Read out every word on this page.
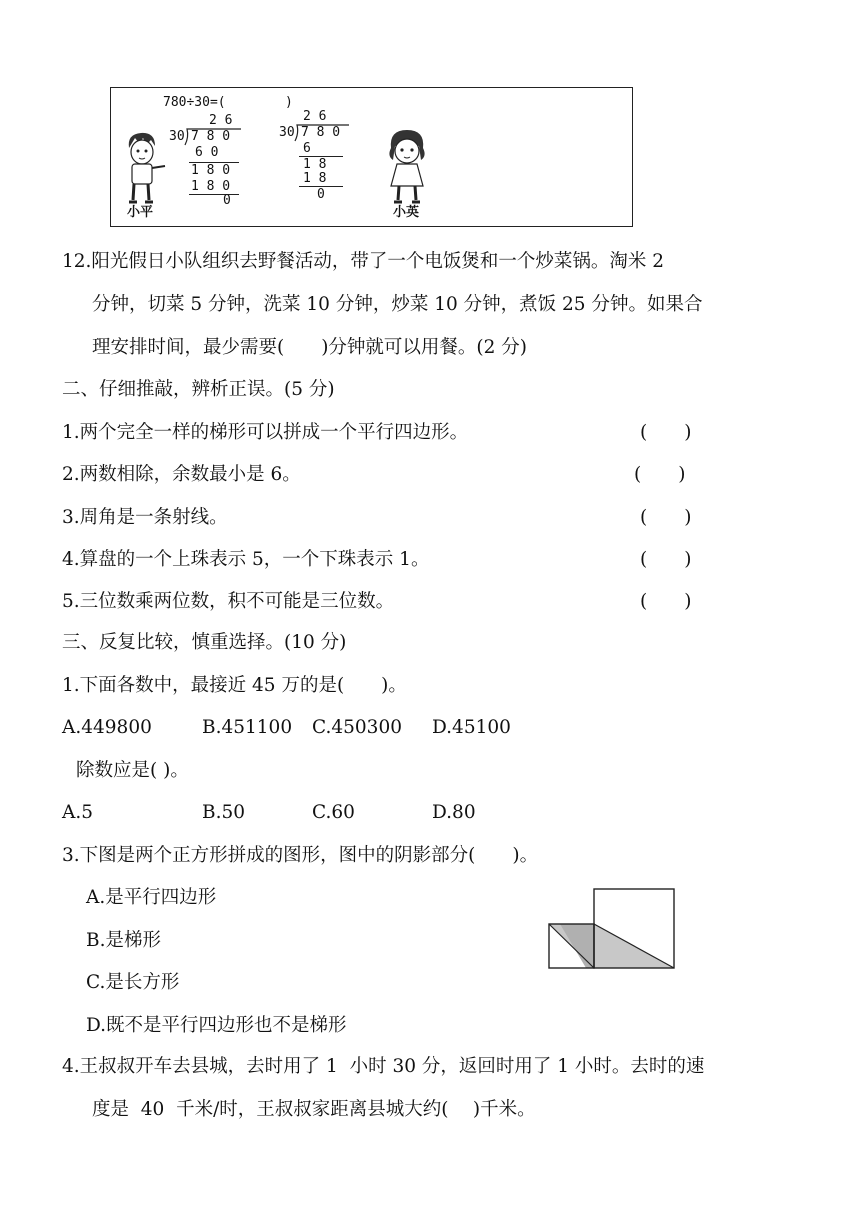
780÷30=(	)
2 6
30 7 8 0
6 0
1 8 0
1 8 0
0
2 6
30 7 8 0
6
1 8
1 8
0
小平	小英
12.阳光假日小队组织去野餐活动，带了一个电饭煲和一个炒菜锅。淘米 2
分钟，切菜 5 分钟，洗菜 10 分钟，炒菜 10 分钟，煮饭 25 分钟。如果合
理安排时间，最少需要(　　)分钟就可以用餐。(2 分)
二、仔细推敲，辨析正误。(5 分)
1.两个完全一样的梯形可以拼成一个平行四边形。	(　　)
2.两数相除，余数最小是 6。	(　　)
3.周角是一条射线。	(　　)
4.算盘的一个上珠表示 5，一个下珠表示 1。	(　　)
5.三位数乘两位数，积不可能是三位数。	(　　)
三、反复比较，慎重选择。(10 分)
1.下面各数中，最接近 45 万的是(　　)。
A.449800	B.451100 C.450300 D.45100
除数应是( )。
A.5	B.50	C.60	D.80
3.下图是两个正方形拼成的图形，图中的阴影部分(　　)。
A.是平行四边形
B.是梯形
C.是长方形
D.既不是平行四边形也不是梯形
4.王叔叔开车去县城，去时用了 1  小时 30 分，返回时用了 1 小时。去时的速
度是  40  千米/时，王叔叔家距离县城大约(　 )千米。
